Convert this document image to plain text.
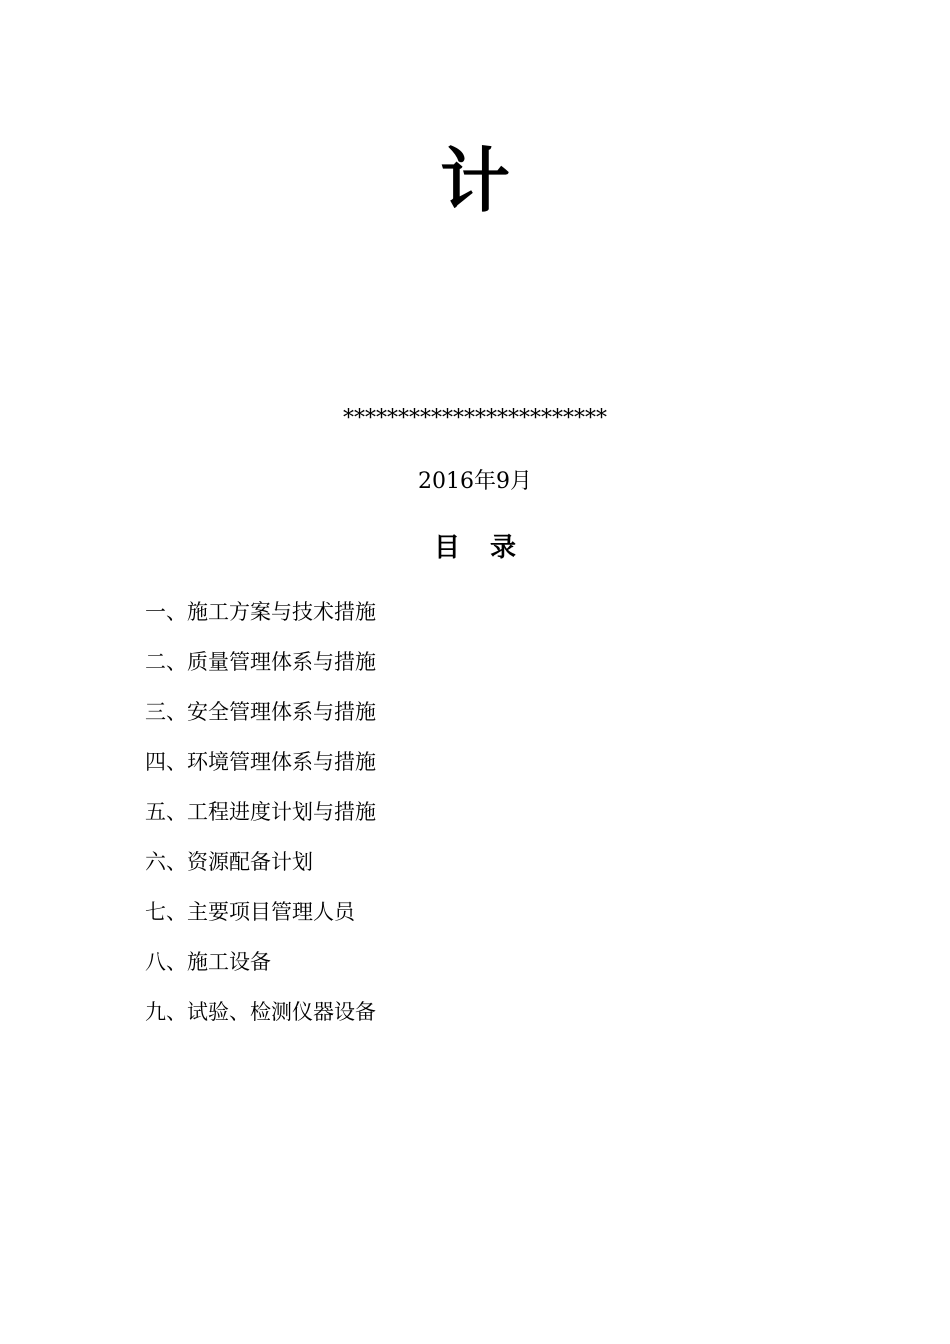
计
************************
2016年9月
目录
一、施工方案与技术措施
二、质量管理体系与措施
三、安全管理体系与措施
四、环境管理体系与措施
五、工程进度计划与措施
六、资源配备计划
七、主要项目管理人员
八、施工设备
九、试验、检测仪器设备
